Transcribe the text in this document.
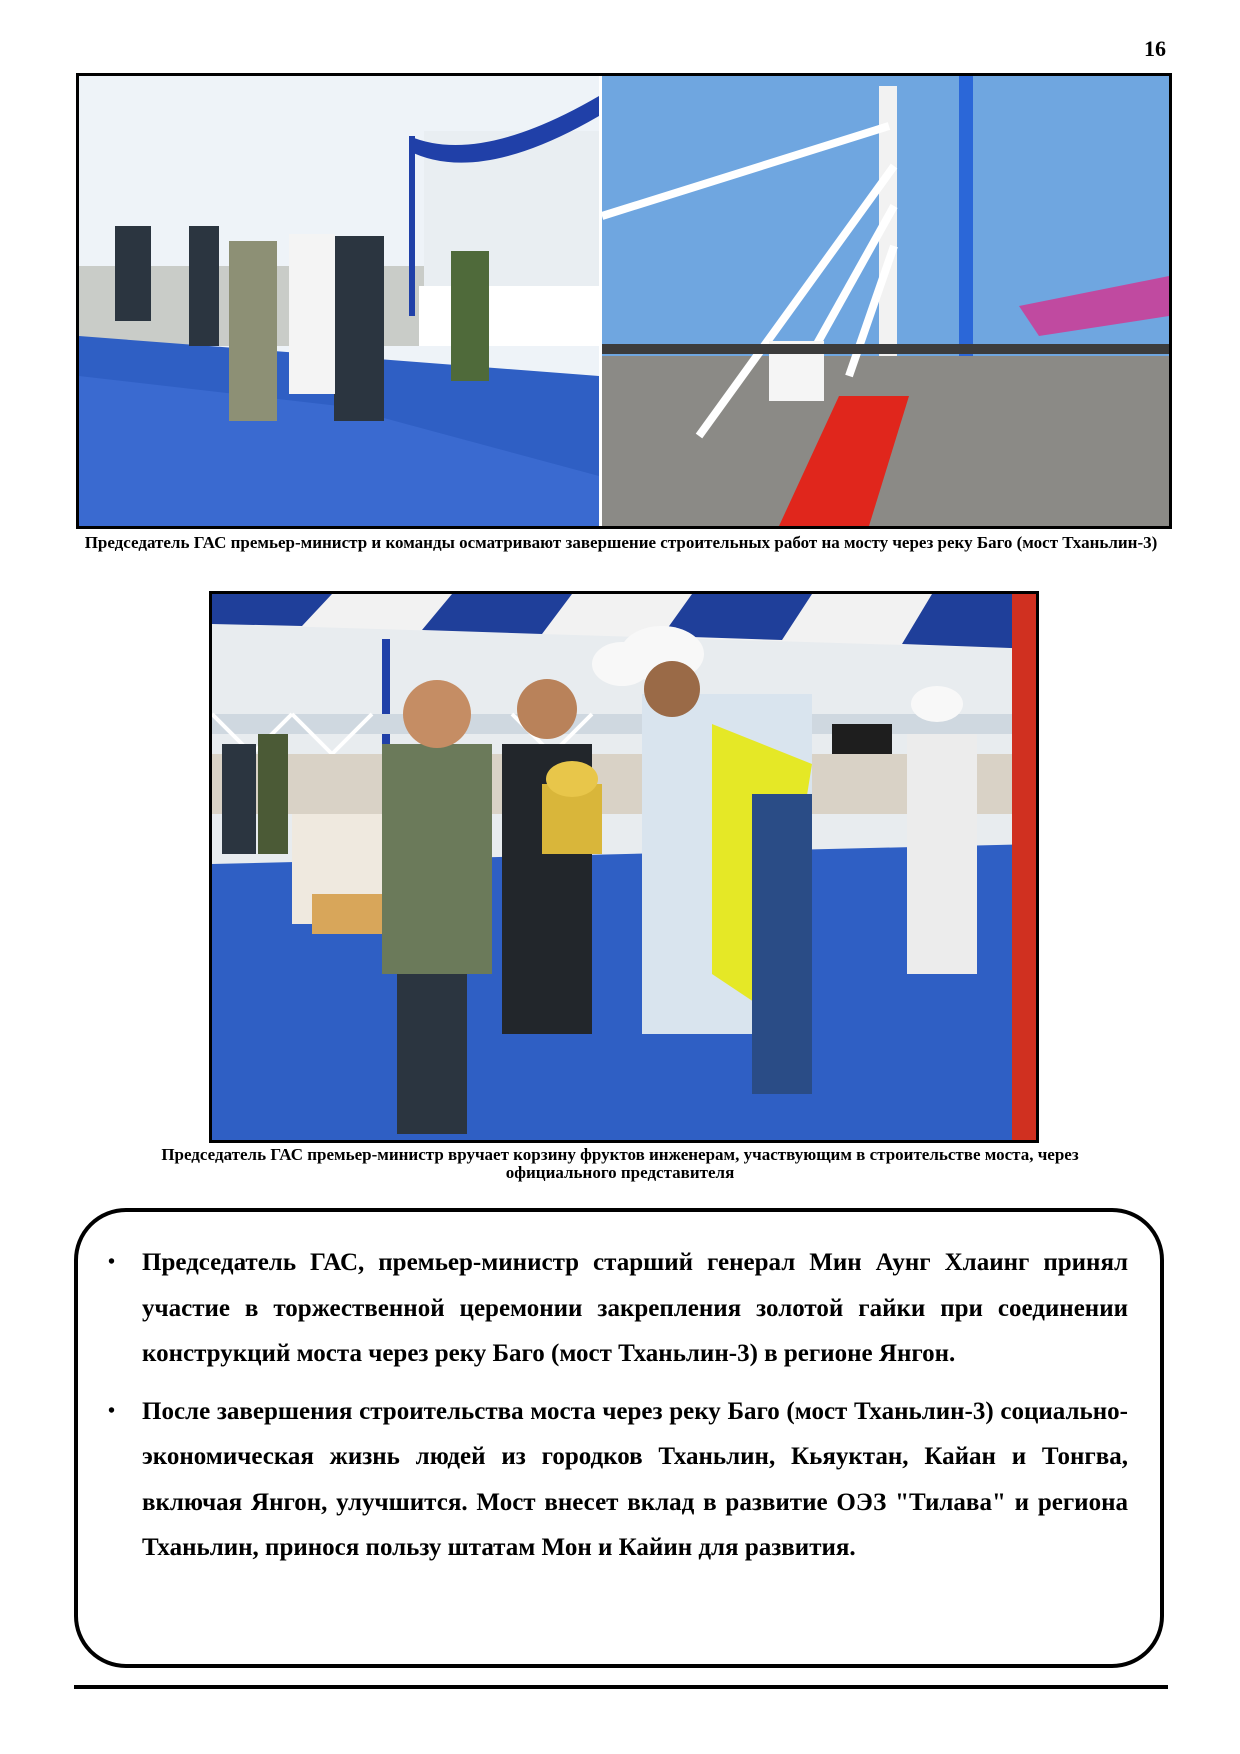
16
Председатель ГАС премьер-министр и команды осматривают завершение строительных работ на мосту через реку Баго (мост Тханьлин-3)
Председатель ГАС премьер-министр вручает корзину фруктов инженерам, участвующим в строительстве моста, через официального представителя
• Председатель ГАС, премьер-министр старший генерал Мин Аунг Хлаинг принял участие в торжественной церемонии закрепления золотой гайки при соединении конструкций моста через реку Баго (мост Тханьлин-3) в регионе Янгон.
• После завершения строительства моста через реку Баго (мост Тханьлин-3) социально-экономическая жизнь людей из городков Тханьлин, Кьяуктан, Кайан и Тонгва, включая Янгон, улучшится. Мост внесет вклад в развитие ОЭЗ "Тилава" и региона Тханьлин, принося пользу штатам Мон и Кайин для развития.
